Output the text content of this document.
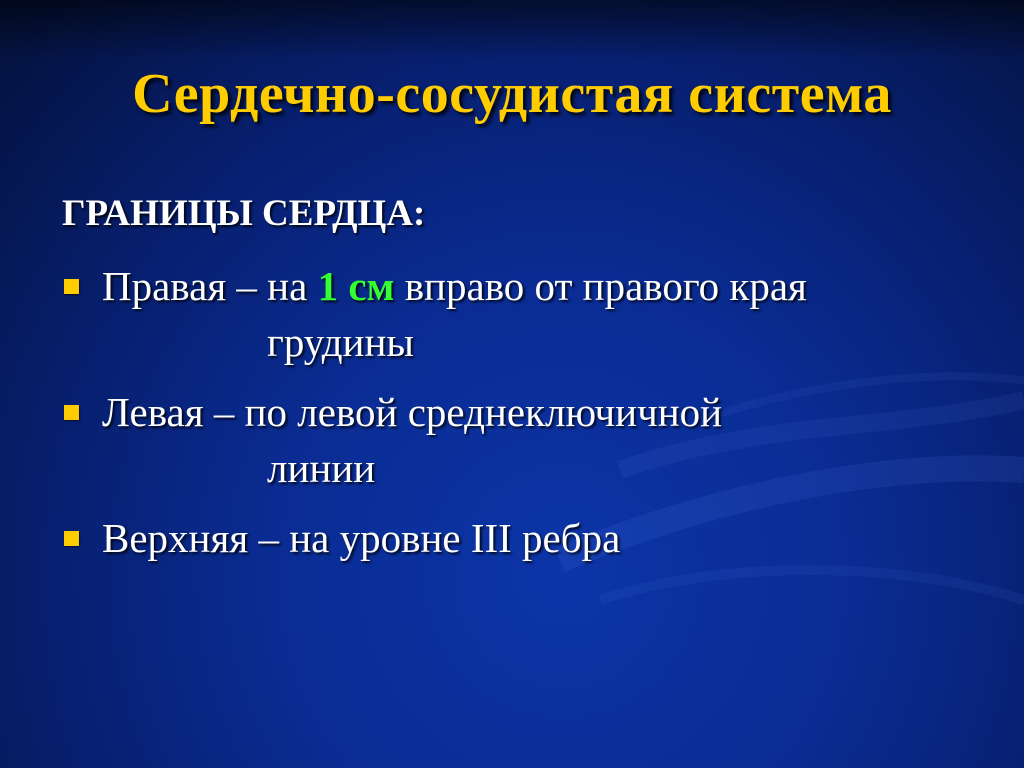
Сердечно-сосудистая система
ГРАНИЦЫ СЕРДЦА:
Правая – на 1 см вправо от правого края
грудины
Левая – по левой среднеключичной
линии
Верхняя – на уровне III ребра
